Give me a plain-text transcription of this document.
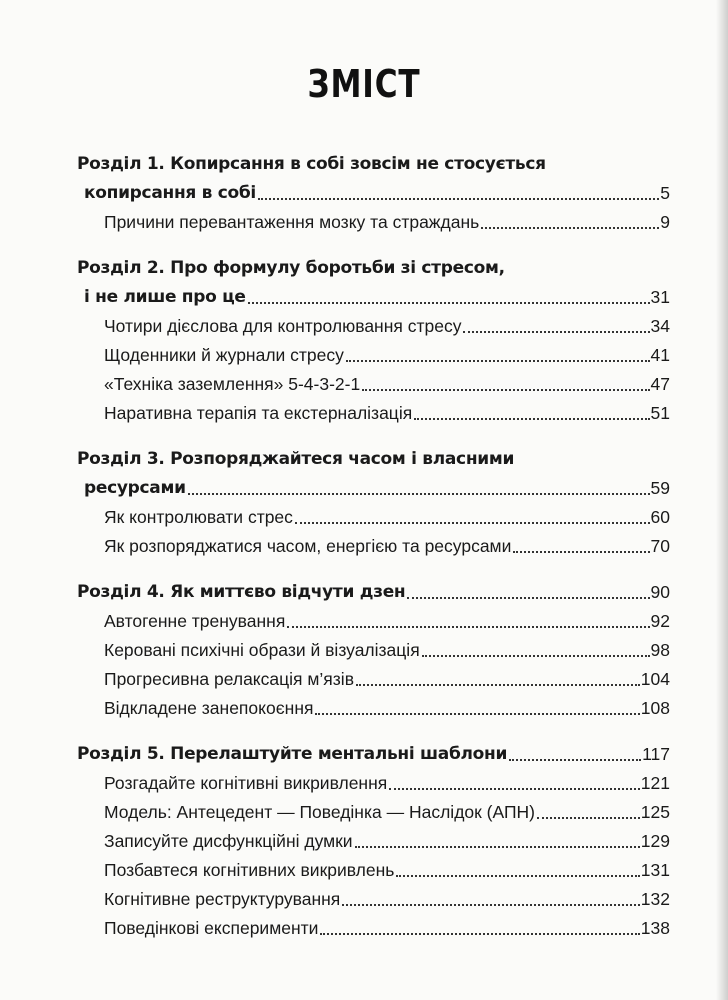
ЗМІСТ
Розділ 1. Копирсання в собі зовсім не стосується
копирсання в собі	5
Причини перевантаження мозку та страждань	9
Розділ 2. Про формулу боротьби зі стресом,
і не лише про це	31
Чотири дієслова для контролювання стресу	34
Щоденники й журнали стресу	41
«Техніка заземлення» 5-4-3-2-1	47
Наративна терапія та екстерналізація	51
Розділ 3. Розпоряджайтеся часом і власними
ресурсами	59
Як контролювати стрес	60
Як розпоряджатися часом, енергією та ресурсами	70
Розділ 4. Як миттєво відчути дзен	90
Автогенне тренування	92
Керовані психічні образи й візуалізація	98
Прогресивна релаксація м’язів	104
Відкладене занепокоєння	108
Розділ 5. Перелаштуйте ментальні шаблони	117
Розгадайте когнітивні викривлення	121
Модель: Антецедент — Поведінка — Наслідок (АПН)	125
Записуйте дисфункційні думки	129
Позбавтеся когнітивних викривлень	131
Когнітивне реструктурування	132
Поведінкові експерименти	138
